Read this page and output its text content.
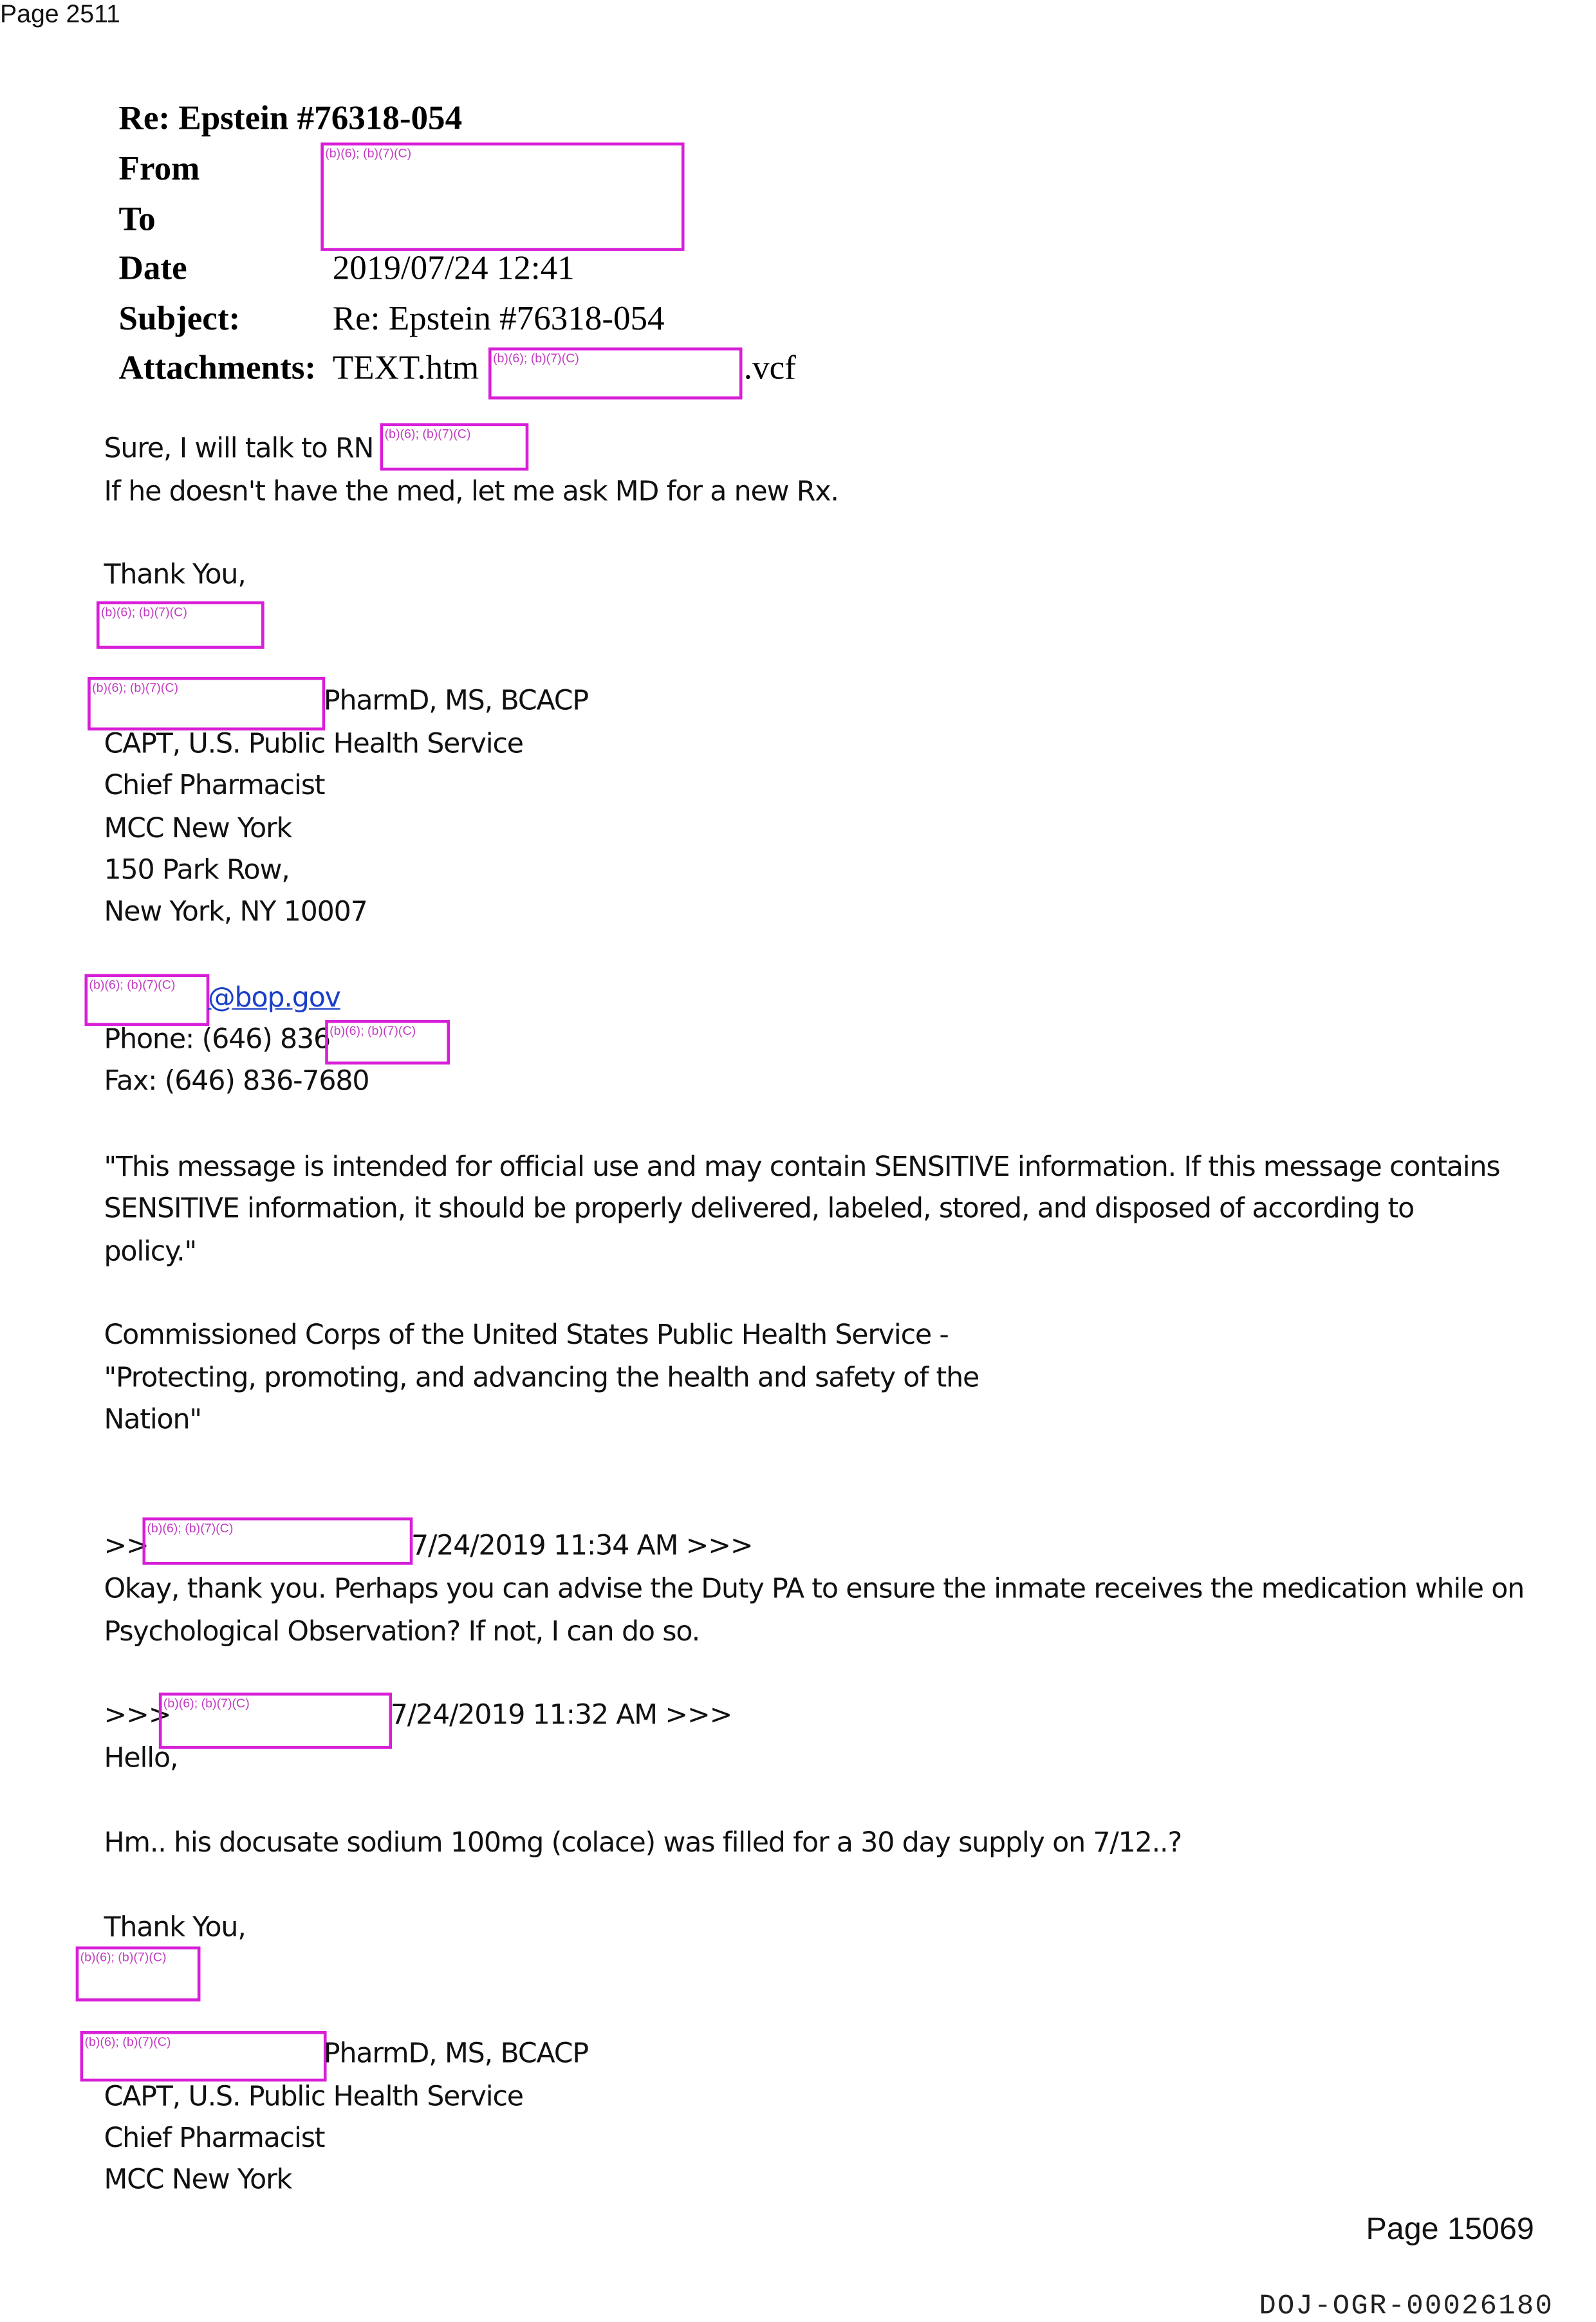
Page 2511
Re: Epstein #76318-054
From
To
(b)(6); (b)(7)(C)
Date	2019/07/24 12:41
Subject:	Re: Epstein #76318-054
Attachments: TEXT.htm	(b)(6); (b)(7)(C)	.vcf
Sure, I will talk to RN
(b)(6); (b)(7)(C)
If he doesn't have the med, let me ask MD for a new Rx.
Thank You,
(b)(6); (b)(7)(C)
(b)(6); (b)(7)(C)	PharmD, MS, BCACP
CAPT, U.S. Public Health Service
Chief Pharmacist
MCC New York
150 Park Row,
New York, NY 10007
(b)(6); (b)(7)(C)	@bop.gov
Phone: (646) 836 (b)(6); (b)(7)(C)
Fax: (646) 836-7680
"This message is intended for official use and may contain SENSITIVE information. If this message contains
SENSITIVE information, it should be properly delivered, labeled, stored, and disposed of according to
policy."
Commissioned Corps of the United States Public Health Service -
"Protecting, promoting, and advancing the health and safety of the
Nation"
>>
(b)(6); (b)(7)(C)
7/24/2019 11:34 AM >>>
Okay, thank you. Perhaps you can advise the Duty PA to ensure the inmate receives the medication while on
Psychological Observation? If not, I can do so.
>>>
(b)(6); (b)(7)(C)	7/24/2019 11:32 AM >>>
Hello,
Hm.. his docusate sodium 100mg (colace) was filled for a 30 day supply on 7/12..?
Thank You,
(b)(6); (b)(7)(C)
(b)(6); (b)(7)(C)	PharmD, MS, BCACP
CAPT, U.S. Public Health Service
Chief Pharmacist
MCC New York
Page 15069
DOJ-OGR-00026180
